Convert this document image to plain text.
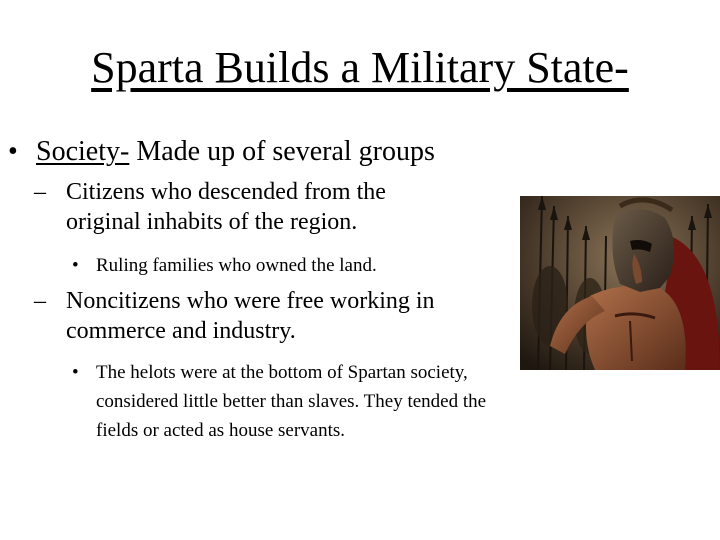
Sparta Builds a Military State-
• Society- Made up of several groups
– Citizens who descended from the original inhabits of the region.
• Ruling families who owned the land.
– Noncitizens who were free working in commerce and industry.
• The helots were at the bottom of Spartan society, considered little better than slaves. They tended the fields or acted as house servants.
